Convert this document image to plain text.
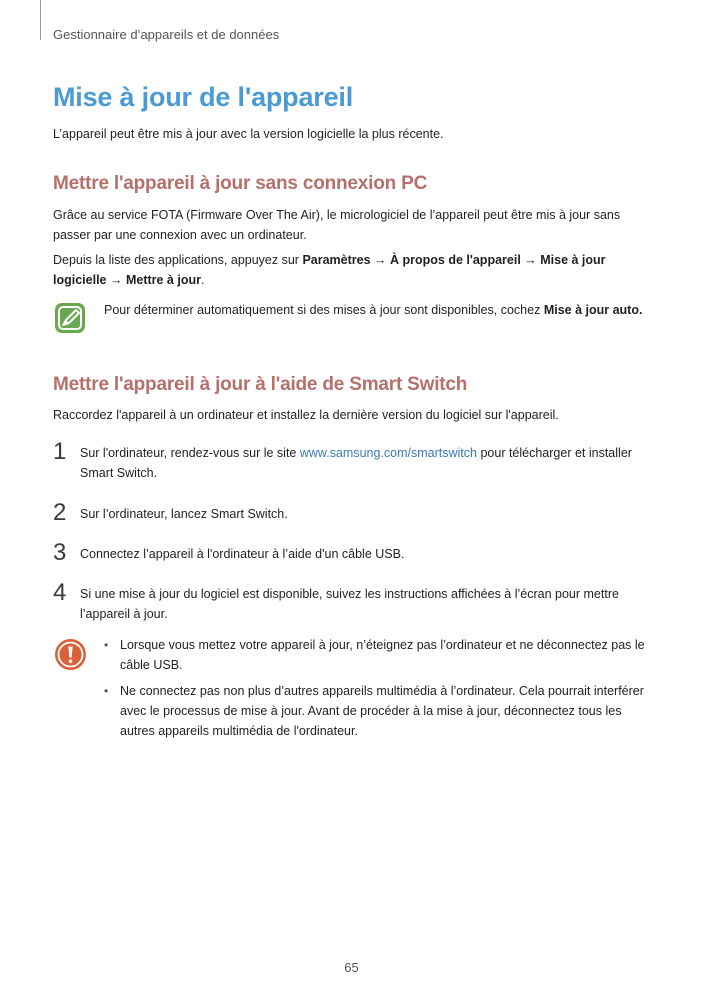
Gestionnaire d’appareils et de données
Mise à jour de l'appareil
L’appareil peut être mis à jour avec la version logicielle la plus récente.
Mettre l'appareil à jour sans connexion PC
Grâce au service FOTA (Firmware Over The Air), le micrologiciel de l’appareil peut être mis à jour sans passer par une connexion avec un ordinateur.
Depuis la liste des applications, appuyez sur Paramètres → À propos de l'appareil → Mise à jour logicielle → Mettre à jour.
Pour déterminer automatiquement si des mises à jour sont disponibles, cochez Mise à jour auto.
Mettre l'appareil à jour à l'aide de Smart Switch
Raccordez l'appareil à un ordinateur et installez la dernière version du logiciel sur l'appareil.
1 Sur l'ordinateur, rendez-vous sur le site www.samsung.com/smartswitch pour télécharger et installer Smart Switch.
2 Sur l’ordinateur, lancez Smart Switch.
3 Connectez l’appareil à l'ordinateur à l’aide d'un câble USB.
4 Si une mise à jour du logiciel est disponible, suivez les instructions affichées à l’écran pour mettre l’appareil à jour.
• Lorsque vous mettez votre appareil à jour, n’éteignez pas l’ordinateur et ne déconnectez pas le câble USB.
• Ne connectez pas non plus d’autres appareils multimédia à l’ordinateur. Cela pourrait interférer avec le processus de mise à jour. Avant de procéder à la mise à jour, déconnectez tous les autres appareils multimédia de l'ordinateur.
65
